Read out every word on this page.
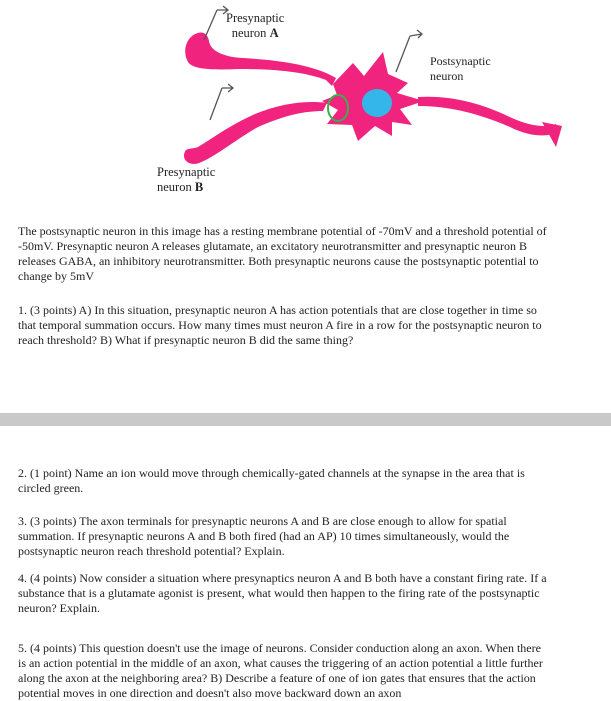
Presynaptic
neuron A
Postsynaptic
neuron
Presynaptic
neuron B
The postsynaptic neuron in this image has a resting membrane potential of -70mV and a threshold potential of
-50mV. Presynaptic neuron A releases glutamate, an excitatory neurotransmitter and presynaptic neuron B
releases GABA, an inhibitory neurotransmitter. Both presynaptic neurons cause the postsynaptic potential to
change by 5mV
1. (3 points) A) In this situation, presynaptic neuron A has action potentials that are close together in time so
that temporal summation occurs. How many times must neuron A fire in a row for the postsynaptic neuron to
reach threshold? B) What if presynaptic neuron B did the same thing?
2. (1 point) Name an ion would move through chemically-gated channels at the synapse in the area that is
circled green.
3. (3 points) The axon terminals for presynaptic neurons A and B are close enough to allow for spatial
summation. If presynaptic neurons A and B both fired (had an AP) 10 times simultaneously, would the
postsynaptic neuron reach threshold potential? Explain.
4. (4 points) Now consider a situation where presynaptics neuron A and B both have a constant firing rate. If a
substance that is a glutamate agonist is present, what would then happen to the firing rate of the postsynaptic
neuron? Explain.
5. (4 points) This question doesn't use the image of neurons. Consider conduction along an axon. When there
is an action potential in the middle of an axon, what causes the triggering of an action potential a little further
along the axon at the neighboring area? B) Describe a feature of one of ion gates that ensures that the action
potential moves in one direction and doesn't also move backward down an axon
